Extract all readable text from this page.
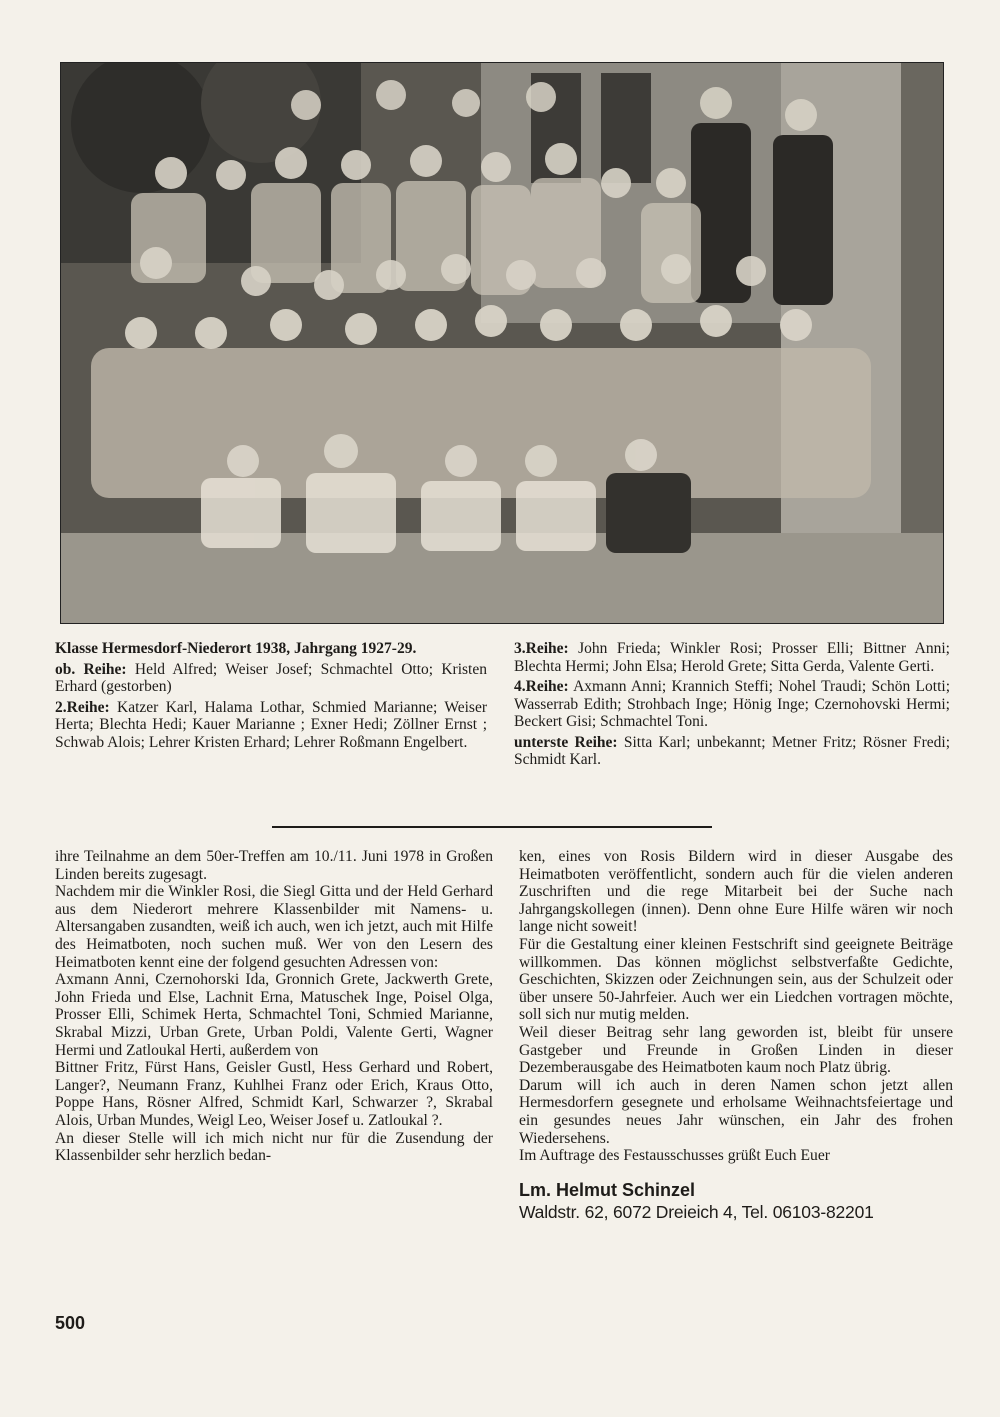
Klasse Hermesdorf-Niederort 1938, Jahrgang 1927-29.

ob. Reihe: Held Alfred; Weiser Josef; Schmachtel Otto; Kristen Erhard (gestorben)

2.Reihe: Katzer Karl, Halama Lothar, Schmied Marianne; Weiser Herta; Blechta Hedi; Kauer Marianne ; Exner Hedi; Zöllner Ernst ; Schwab Alois; Lehrer Kristen Erhard; Lehrer Roßmann Engelbert.

3.Reihe: John Frieda; Winkler Rosi; Prosser Elli; Bittner Anni; Blechta Hermi; John Elsa; Herold Grete; Sitta Gerda, Valente Gerti.

4.Reihe: Axmann Anni; Krannich Steffi; Nohel Traudi; Schön Lotti; Wasserrab Edith; Strohbach Inge; Hönig Inge; Czernohovski Hermi; Beckert Gisi; Schmachtel Toni.

unterste Reihe: Sitta Karl; unbekannt; Metner Fritz; Rösner Fredi; Schmidt Karl.

ihre Teilnahme an dem 50er-Treffen am 10./11. Juni 1978 in Großen Linden bereits zugesagt.

Nachdem mir die Winkler Rosi, die Siegl Gitta und der Held Gerhard aus dem Niederort mehrere Klassenbilder mit Namens- u. Altersangaben zusandten, weiß ich auch, wen ich jetzt, auch mit Hilfe des Heimatboten, noch suchen muß. Wer von den Lesern des Heimatboten kennt eine der folgend gesuchten Adressen von:

Axmann Anni, Czernohorski Ida, Gronnich Grete, Jackwerth Grete, John Frieda und Else, Lachnit Erna, Matuschek Inge, Poisel Olga, Prosser Elli, Schimek Herta, Schmachtel Toni, Schmied Marianne, Skrabal Mizzi, Urban Grete, Urban Poldi, Valente Gerti, Wagner Hermi und Zatloukal Herti, außerdem von

Bittner Fritz, Fürst Hans, Geisler Gustl, Hess Gerhard und Robert, Langer?, Neumann Franz, Kuhlhei Franz oder Erich, Kraus Otto, Poppe Hans, Rösner Alfred, Schmidt Karl, Schwarzer ?, Skrabal Alois, Urban Mundes, Weigl Leo, Weiser Josef u. Zatloukal ?.

An dieser Stelle will ich mich nicht nur für die Zusendung der Klassenbilder sehr herzlich bedan-

ken, eines von Rosis Bildern wird in dieser Ausgabe des Heimatboten veröffentlicht, sondern auch für die vielen anderen Zuschriften und die rege Mitarbeit bei der Suche nach Jahrgangskollegen (innen). Denn ohne Eure Hilfe wären wir noch lange nicht soweit!

Für die Gestaltung einer kleinen Festschrift sind geeignete Beiträge willkommen. Das können möglichst selbstverfaßte Gedichte, Geschichten, Skizzen oder Zeichnungen sein, aus der Schulzeit oder über unsere 50-Jahrfeier. Auch wer ein Liedchen vortragen möchte, soll sich nur mutig melden.

Weil dieser Beitrag sehr lang geworden ist, bleibt für unsere Gastgeber und Freunde in Großen Linden in dieser Dezemberausgabe des Heimatboten kaum noch Platz übrig.

Darum will ich auch in deren Namen schon jetzt allen Hermesdorfern gesegnete und erholsame Weihnachtsfeiertage und ein gesundes neues Jahr wünschen, ein Jahr des frohen Wiedersehens.

Im Auftrage des Festausschusses grüßt Euch Euer

Lm. Helmut Schinzel
Waldstr. 62, 6072 Dreieich 4, Tel. 06103-82201
500
